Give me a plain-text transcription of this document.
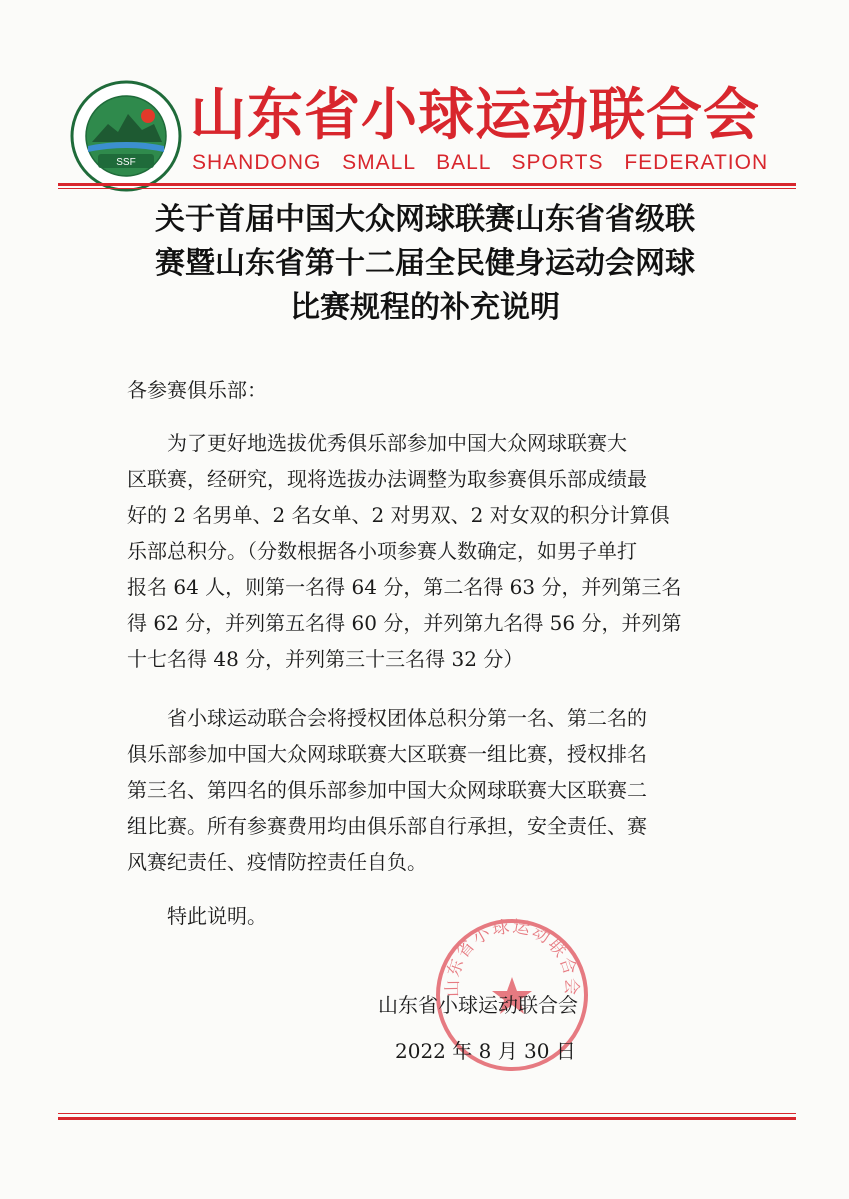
SSF
山东省小球运动联合会
SHANDONG SMALL BALL SPORTS FEDERATION
关于首届中国大众网球联赛山东省省级联
赛暨山东省第十二届全民健身运动会网球
比赛规程的补充说明
各参赛俱乐部：
　　为了更好地选拔优秀俱乐部参加中国大众网球联赛大
区联赛，经研究，现将选拔办法调整为取参赛俱乐部成绩最
好的 2 名男单、2 名女单、2 对男双、2 对女双的积分计算俱
乐部总积分。（分数根据各小项参赛人数确定，如男子单打
报名 64 人，则第一名得 64 分，第二名得 63 分，并列第三名
得 62 分，并列第五名得 60 分，并列第九名得 56 分，并列第
十七名得 48 分，并列第三十三名得 32 分）
　　省小球运动联合会将授权团体总积分第一名、第二名的
俱乐部参加中国大众网球联赛大区联赛一组比赛，授权排名
第三名、第四名的俱乐部参加中国大众网球联赛大区联赛二
组比赛。所有参赛费用均由俱乐部自行承担，安全责任、赛
风赛纪责任、疫情防控责任自负。
　　特此说明。
山东省小球运动联合会
山东省小球运动联合会
2022 年 8 月 30 日
